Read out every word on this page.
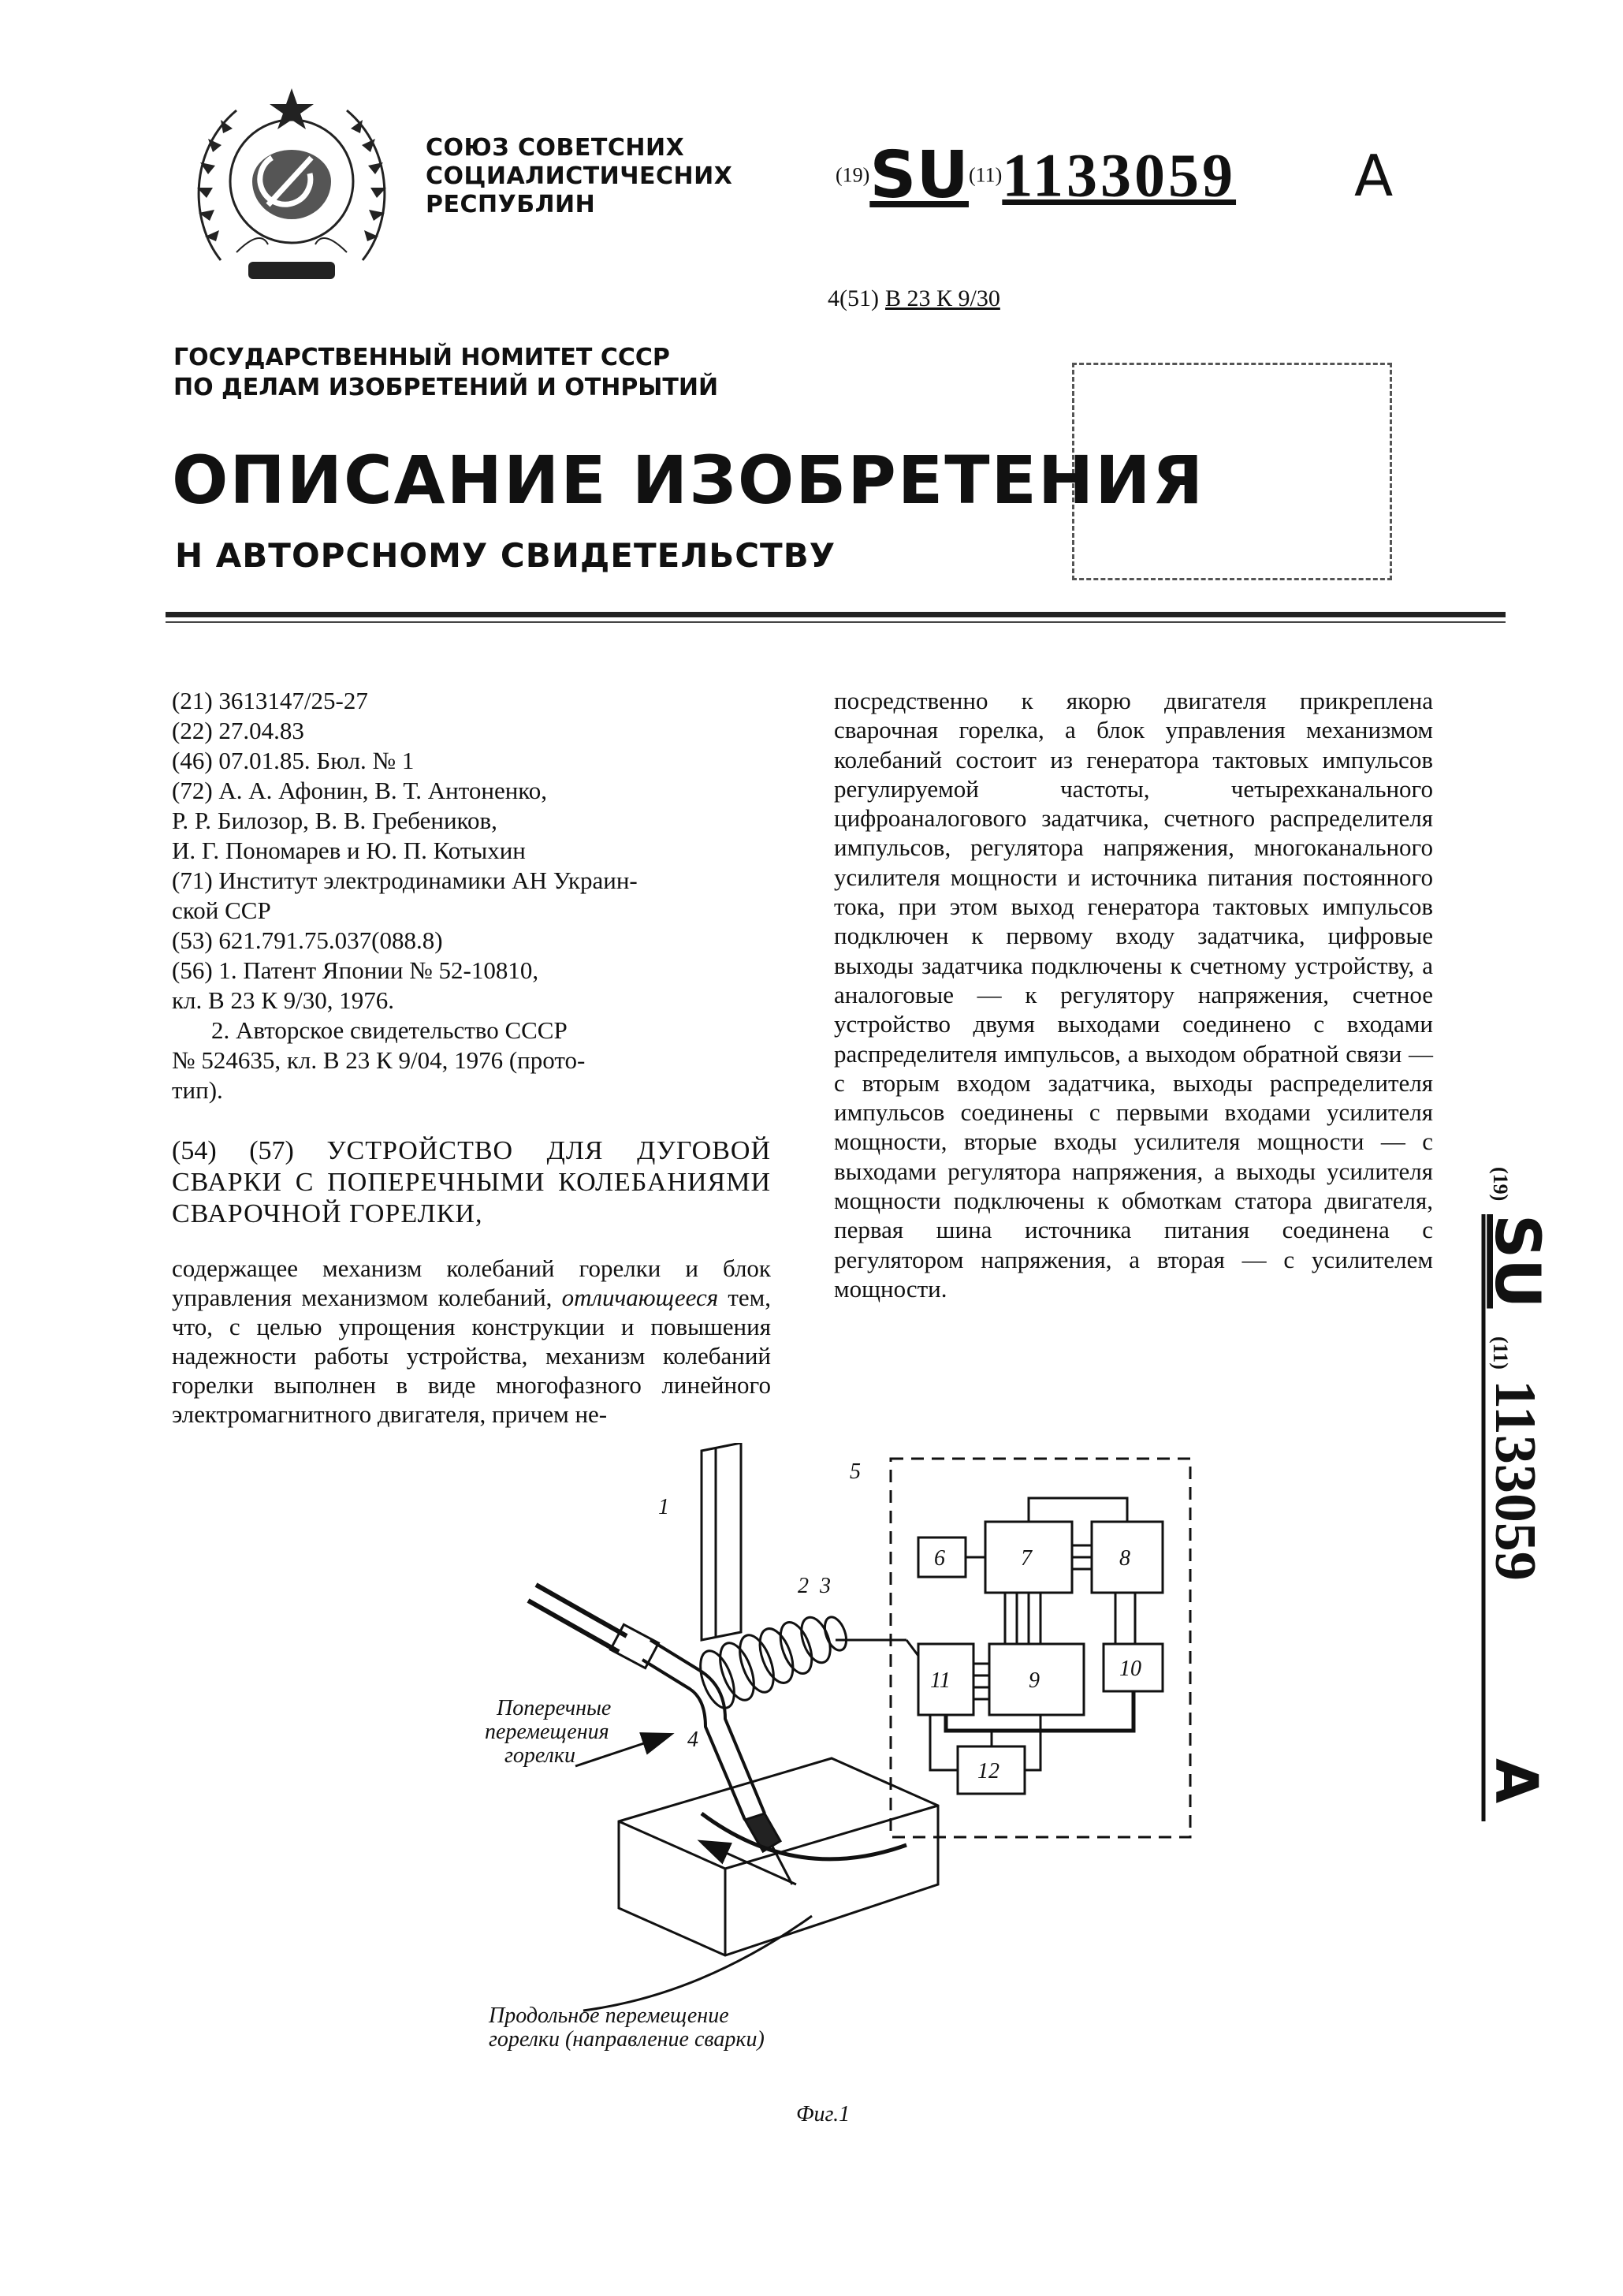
СОЮЗ СОВЕТСНИХ
СОЦИАЛИСТИЧЕСНИХ
РЕСПУБЛИН
(19)SU(11)1133059 A
4(51) В 23 К 9/30
ГОСУДАРСТВЕННЫЙ НОМИТЕТ СССР
ПО ДЕЛАМ ИЗОБРЕТЕНИЙ И ОТНРЫТИЙ
ОПИСАНИЕ ИЗОБРЕТЕНИЯ
Н АВТОРСНОМУ СВИДЕТЕЛЬСТВУ
(21) 3613147/25-27
(22) 27.04.83
(46) 07.01.85. Бюл. № 1
(72) А. А. Афонин, В. Т. Антоненко,
Р. Р. Билозор, В. В. Гребеников,
И. Г. Пономарев и Ю. П. Котыхин
(71) Институт электродинамики АН Украин-
ской ССР
(53) 621.791.75.037(088.8)
(56) 1. Патент Японии № 52-10810,
кл. В 23 К 9/30, 1976.
2. Авторское свидетельство СССР
№ 524635, кл. В 23 К 9/04, 1976 (прото-
тип).
(54) (57) УСТРОЙСТВО ДЛЯ ДУГОВОЙ СВАРКИ С ПОПЕРЕЧНЫМИ КОЛЕБАНИЯМИ СВАРОЧНОЙ ГОРЕЛКИ,
содержащее механизм колебаний горелки и блок управления механизмом колебаний, отличающееся тем, что, с целью упрощения конструкции и повышения надежности работы устройства, механизм колебаний горелки выполнен в виде многофазного линейного электромагнитного двигателя, причем не-
посредственно к якорю двигателя прикреплена сварочная горелка, а блок управления механизмом колебаний состоит из генератора тактовых импульсов регулируемой частоты, четырехканального цифроаналогового задатчика, счетного распределителя импульсов, регулятора напряжения, многоканального усилителя мощности и источника питания постоянного тока, при этом выход генератора тактовых импульсов подключен к первому входу задатчика, цифровые выходы задатчика подключены к счетному устройству, а аналоговые — к регулятору напряжения, счетное устройство двумя выходами соединено с входами распределителя импульсов, а выходом обратной связи — с вторым входом задатчика, выходы распределителя импульсов соединены с первыми входами усилителя мощности, вторые входы усилителя мощности — с выходами регулятора напряжения, а выходы усилителя мощности подключены к обмоткам статора двигателя, первая шина источника питания соединена с регулятором напряжения, а вторая — с усилителем мощности.
(19)
SU
(11)
1133059
A
1
2 3
4
5
6	7	8
9	10
11
12
Поперечные
перемещения
горелки
Продольное перемещение
горелки (направление сварки)
Фиг.1
